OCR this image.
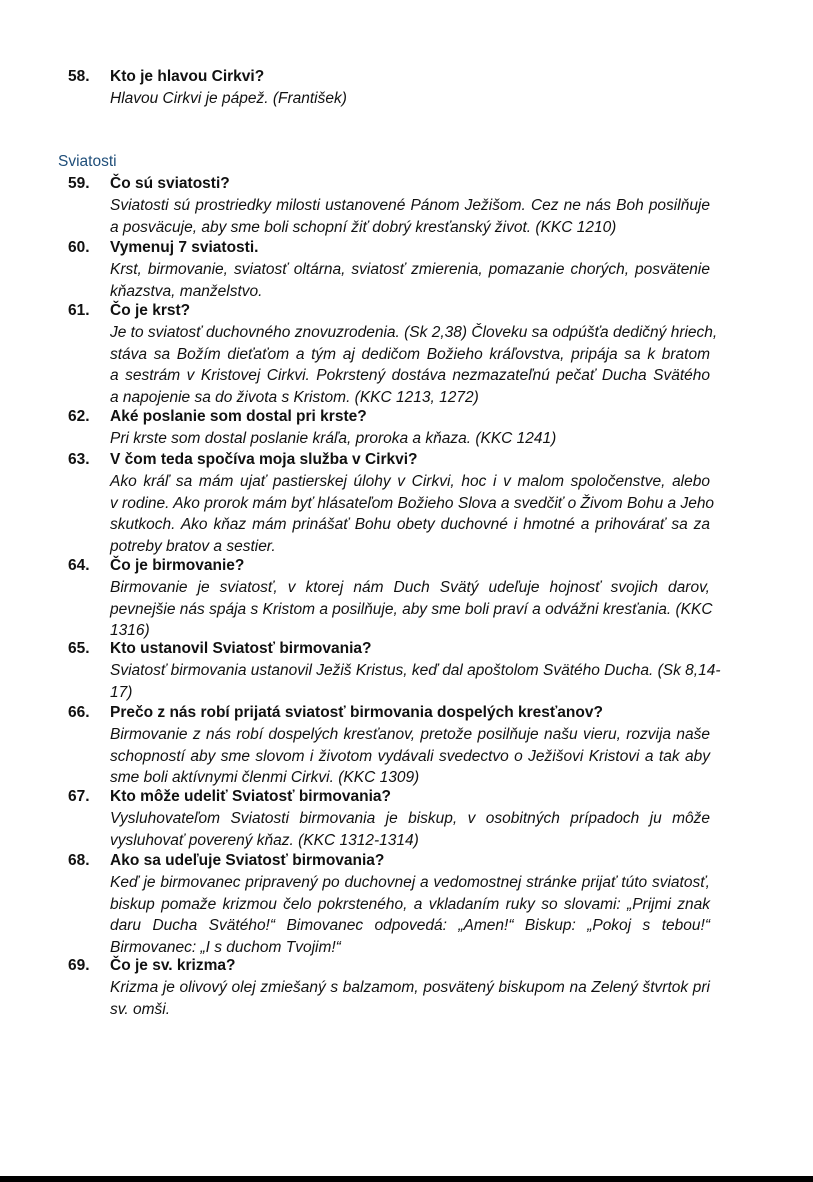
Sviatosti
58. Kto je hlavou Cirkvi?
Hlavou Cirkvi je pápež. (František)
59. Čo sú sviatosti?
Sviatosti sú prostriedky milosti ustanovené Pánom Ježišom. Cez ne nás Boh posilňuje
a posväcuje, aby sme boli schopní žiť dobrý kresťanský život. (KKC 1210)
60. Vymenuj 7 sviatosti.
Krst, birmovanie, sviatosť oltárna, sviatosť zmierenia, pomazanie chorých, posvätenie
kňazstva, manželstvo.
61. Čo je krst?
Je to sviatosť duchovného znovuzrodenia. (Sk 2,38) Človeku sa odpúšťa dedičný hriech,
stáva sa Božím dieťaťom a tým aj dedičom Božieho kráľovstva, pripája sa k bratom
a sestrám v Kristovej Cirkvi. Pokrstený dostáva nezmazateľnú pečať Ducha Svätého
a napojenie sa do života s Kristom. (KKC 1213, 1272)
62. Aké poslanie som dostal pri krste?
Pri krste som dostal poslanie kráľa, proroka a kňaza. (KKC 1241)
63. V čom teda spočíva moja služba v Cirkvi?
Ako kráľ sa mám ujať pastierskej úlohy v Cirkvi, hoc i v malom spoločenstve, alebo
v rodine. Ako prorok mám byť hlásateľom Božieho Slova a svedčiť o Živom Bohu a Jeho
skutkoch. Ako kňaz mám prinášať Bohu obety duchovné i hmotné a prihovárať sa za
potreby bratov a sestier.
64. Čo je birmovanie?
Birmovanie je sviatosť, v ktorej nám Duch Svätý udeľuje hojnosť svojich darov,
pevnejšie nás spája s Kristom a posilňuje, aby sme boli praví a odvážni kresťania. (KKC
1316)
65. Kto ustanovil Sviatosť birmovania?
Sviatosť birmovania ustanovil Ježiš Kristus, keď dal apoštolom Svätého Ducha. (Sk 8,14-
17)
66. Prečo z nás robí prijatá sviatosť birmovania dospelých kresťanov?
Birmovanie z nás robí dospelých kresťanov, pretože posilňuje našu vieru, rozvija naše
schopností aby sme slovom i životom vydávali svedectvo o Ježišovi Kristovi a tak aby
sme boli aktívnymi členmi Cirkvi. (KKC 1309)
67. Kto môže udeliť Sviatosť birmovania?
Vysluhovateľom Sviatosti birmovania je biskup, v osobitných prípadoch ju môže
vysluhovať poverený kňaz. (KKC 1312-1314)
68. Ako sa udeľuje Sviatosť birmovania?
Keď je birmovanec pripravený po duchovnej a vedomostnej stránke prijať túto sviatosť,
biskup pomaže krizmou čelo pokrsteného, a vkladaním ruky so slovami: „Prijmi znak
daru Ducha Svätého!“ Bimovanec odpovedá: „Amen!“ Biskup: „Pokoj s tebou!“
Birmovanec: „I s duchom Tvojim!“
69. Čo je sv. krizma?
Krizma je olivový olej zmiešaný s balzamom, posvätený biskupom na Zelený štvrtok pri
sv. omši.
